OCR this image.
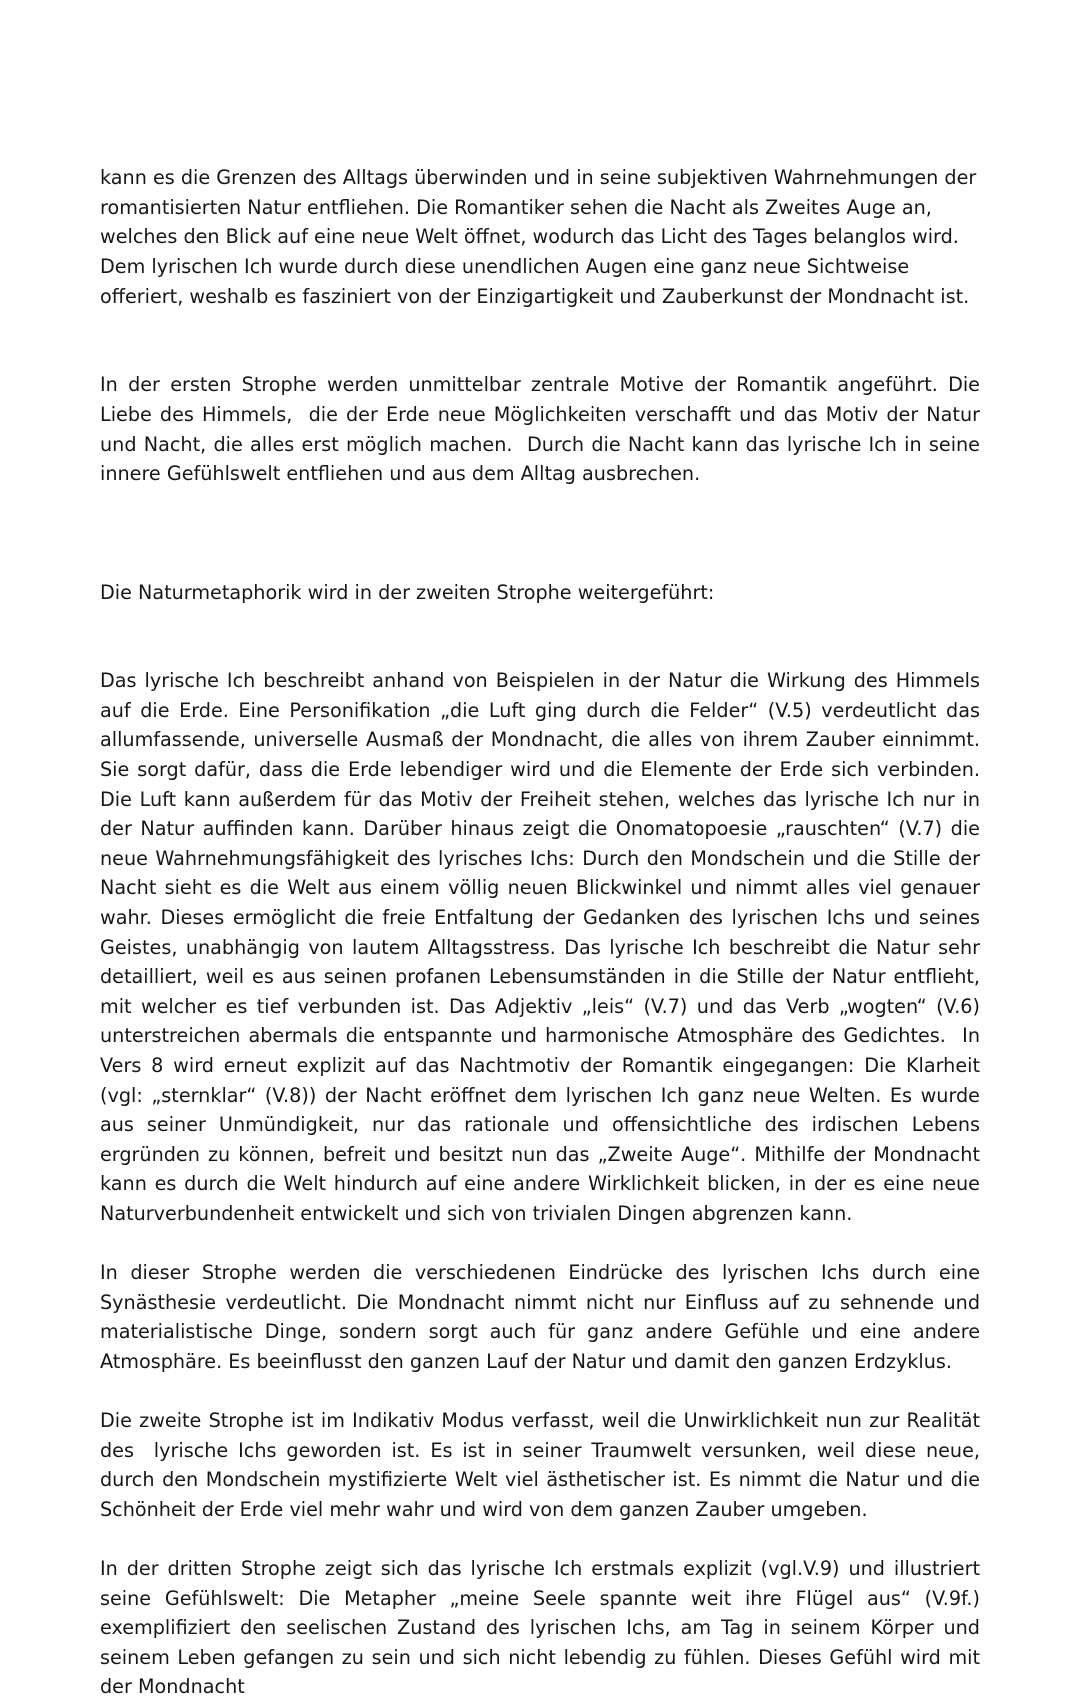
kann es die Grenzen des Alltags überwinden und in seine subjektiven Wahrnehmungen der romantisierten Natur entfliehen. Die Romantiker sehen die Nacht als Zweites Auge an, welches den Blick auf eine neue Welt öffnet, wodurch das Licht des Tages belanglos wird. Dem lyrischen Ich wurde durch diese unendlichen Augen eine ganz neue Sichtweise offeriert, weshalb es fasziniert von der Einzigartigkeit und Zauberkunst der Mondnacht ist.

In der ersten Strophe werden unmittelbar zentrale Motive der Romantik angeführt. Die Liebe des Himmels,  die der Erde neue Möglichkeiten verschafft und das Motiv der Natur und Nacht, die alles erst möglich machen.  Durch die Nacht kann das lyrische Ich in seine innere Gefühlswelt entfliehen und aus dem Alltag ausbrechen.

Die Naturmetaphorik wird in der zweiten Strophe weitergeführt:

Das lyrische Ich beschreibt anhand von Beispielen in der Natur die Wirkung des Himmels auf die Erde. Eine Personifikation „die Luft ging durch die Felder“ (V.5) verdeutlicht das allumfassende, universelle Ausmaß der Mondnacht, die alles von ihrem Zauber einnimmt. Sie sorgt dafür, dass die Erde lebendiger wird und die Elemente der Erde sich verbinden. Die Luft kann außerdem für das Motiv der Freiheit stehen, welches das lyrische Ich nur in der Natur auffinden kann. Darüber hinaus zeigt die Onomatopoesie „rauschten“ (V.7) die neue Wahrnehmungsfähigkeit des lyrisches Ichs: Durch den Mondschein und die Stille der Nacht sieht es die Welt aus einem völlig neuen Blickwinkel und nimmt alles viel genauer wahr. Dieses ermöglicht die freie Entfaltung der Gedanken des lyrischen Ichs und seines Geistes, unabhängig von lautem Alltagsstress. Das lyrische Ich beschreibt die Natur sehr detailliert, weil es aus seinen profanen Lebensumständen in die Stille der Natur entflieht, mit welcher es tief verbunden ist. Das Adjektiv „leis“ (V.7) und das Verb „wogten“ (V.6) unterstreichen abermals die entspannte und harmonische Atmosphäre des Gedichtes.  In Vers 8 wird erneut explizit auf das Nachtmotiv der Romantik eingegangen: Die Klarheit (vgl: „sternklar“ (V.8)) der Nacht eröffnet dem lyrischen Ich ganz neue Welten. Es wurde aus seiner Unmündigkeit, nur das rationale und offensichtliche des irdischen Lebens ergründen zu können, befreit und besitzt nun das „Zweite Auge“. Mithilfe der Mondnacht kann es durch die Welt hindurch auf eine andere Wirklichkeit blicken, in der es eine neue Naturverbundenheit entwickelt und sich von trivialen Dingen abgrenzen kann.

In dieser Strophe werden die verschiedenen Eindrücke des lyrischen Ichs durch eine Synästhesie verdeutlicht. Die Mondnacht nimmt nicht nur Einfluss auf zu sehnende und materialistische Dinge, sondern sorgt auch für ganz andere Gefühle und eine andere Atmosphäre. Es beeinflusst den ganzen Lauf der Natur und damit den ganzen Erdzyklus.

Die zweite Strophe ist im Indikativ Modus verfasst, weil die Unwirklichkeit nun zur Realität des  lyrische Ichs geworden ist. Es ist in seiner Traumwelt versunken, weil diese neue, durch den Mondschein mystifizierte Welt viel ästhetischer ist. Es nimmt die Natur und die Schönheit der Erde viel mehr wahr und wird von dem ganzen Zauber umgeben.

In der dritten Strophe zeigt sich das lyrische Ich erstmals explizit (vgl.V.9) und illustriert seine Gefühlswelt: Die Metapher „meine Seele spannte weit ihre Flügel aus“ (V.9f.) exemplifiziert den seelischen Zustand des lyrischen Ichs, am Tag in seinem Körper und seinem Leben gefangen zu sein und sich nicht lebendig zu fühlen. Dieses Gefühl wird mit der Mondnacht
